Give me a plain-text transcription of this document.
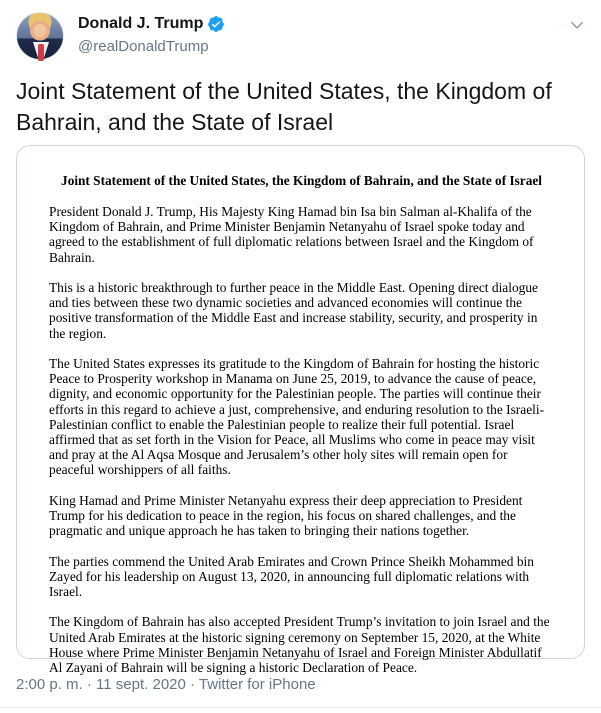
Donald J. Trump
@realDonaldTrump
Joint Statement of the United States, the Kingdom of Bahrain, and the State of Israel
Joint Statement of the United States, the Kingdom of Bahrain, and the State of Israel

President Donald J. Trump, His Majesty King Hamad bin Isa bin Salman al-Khalifa of the Kingdom of Bahrain, and Prime Minister Benjamin Netanyahu of Israel spoke today and agreed to the establishment of full diplomatic relations between Israel and the Kingdom of Bahrain.

This is a historic breakthrough to further peace in the Middle East. Opening direct dialogue and ties between these two dynamic societies and advanced economies will continue the positive transformation of the Middle East and increase stability, security, and prosperity in the region.

The United States expresses its gratitude to the Kingdom of Bahrain for hosting the historic Peace to Prosperity workshop in Manama on June 25, 2019, to advance the cause of peace, dignity, and economic opportunity for the Palestinian people. The parties will continue their efforts in this regard to achieve a just, comprehensive, and enduring resolution to the Israeli-Palestinian conflict to enable the Palestinian people to realize their full potential. Israel affirmed that as set forth in the Vision for Peace, all Muslims who come in peace may visit and pray at the Al Aqsa Mosque and Jerusalem’s other holy sites will remain open for peaceful worshippers of all faiths.

King Hamad and Prime Minister Netanyahu express their deep appreciation to President Trump for his dedication to peace in the region, his focus on shared challenges, and the pragmatic and unique approach he has taken to bringing their nations together.

The parties commend the United Arab Emirates and Crown Prince Sheikh Mohammed bin Zayed for his leadership on August 13, 2020, in announcing full diplomatic relations with Israel.

The Kingdom of Bahrain has also accepted President Trump’s invitation to join Israel and the United Arab Emirates at the historic signing ceremony on September 15, 2020, at the White House where Prime Minister Benjamin Netanyahu of Israel and Foreign Minister Abdullatif Al Zayani of Bahrain will be signing a historic Declaration of Peace.

2:00 p. m. · 11 sept. 2020 · Twitter for iPhone
